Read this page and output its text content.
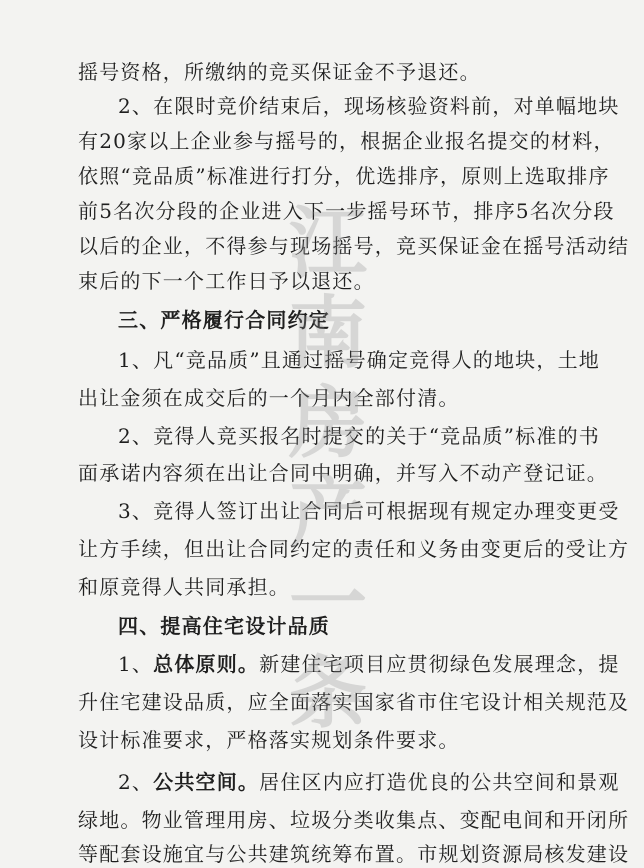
摇号资格，所缴纳的竞买保证金不予退还。
2、在限时竞价结束后，现场核验资料前，对单幅地块
有20家以上企业参与摇号的，根据企业报名提交的材料，
依照“竞品质”标准进行打分，优选排序，原则上选取排序
前5名次分段的企业进入下一步摇号环节，排序5名次分段
以后的企业，不得参与现场摇号，竞买保证金在摇号活动结
束后的下一个工作日予以退还。
三、严格履行合同约定
1、凡“竞品质”且通过摇号确定竞得人的地块，土地
出让金须在成交后的一个月内全部付清。
2、竞得人竞买报名时提交的关于“竞品质”标准的书
面承诺内容须在出让合同中明确，并写入不动产登记证。
3、竞得人签订出让合同后可根据现有规定办理变更受
让方手续，但出让合同约定的责任和义务由变更后的受让方
和原竞得人共同承担。
四、提高住宅设计品质
1、总体原则。新建住宅项目应贯彻绿色发展理念，提
升住宅建设品质，应全面落实国家省市住宅设计相关规范及
设计标准要求，严格落实规划条件要求。
2、公共空间。居住区内应打造优良的公共空间和景观
绿地。物业管理用房、垃圾分类收集点、变配电间和开闭所
等配套设施宜与公共建筑统筹布置。市规划资源局核发建设
江
南
房
产
一
条
